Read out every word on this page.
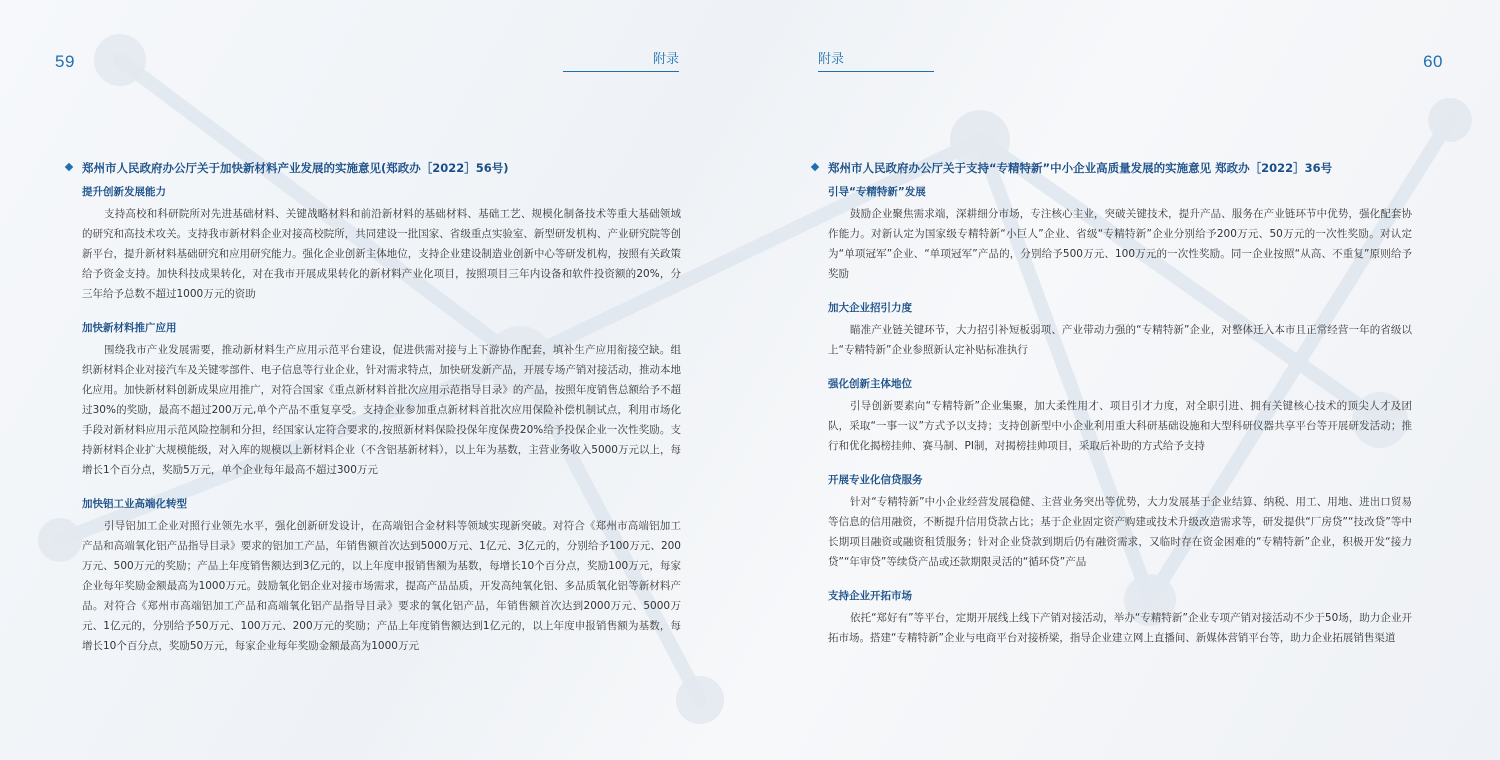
59	附录
郑州市人民政府办公厅关于加快新材料产业发展的实施意见(郑政办［2022］56号)

提升创新发展能力

支持高校和科研院所对先进基础材料、关键战略材料和前沿新材料的基础材料、基础工艺、规模化制备技术等重大基础领域的研究和高技术攻关。支持我市新材料企业对接高校院所，共同建设一批国家、省级重点实验室、新型研发机构、产业研究院等创新平台，提升新材料基础研究和应用研究能力。强化企业创新主体地位，支持企业建设制造业创新中心等研发机构，按照有关政策给予资金支持。加快科技成果转化，对在我市开展成果转化的新材料产业化项目，按照项目三年内设备和软件投资额的20%，分三年给予总数不超过1000万元的资助

加快新材料推广应用

围绕我市产业发展需要，推动新材料生产应用示范平台建设，促进供需对接与上下游协作配套，填补生产应用衔接空缺。组织新材料企业对接汽车及关键零部件、电子信息等行业企业，针对需求特点，加快研发新产品，开展专场产销对接活动，推动本地化应用。加快新材料创新成果应用推广，对符合国家《重点新材料首批次应用示范指导目录》的产品，按照年度销售总额给予不超过30%的奖励，最高不超过200万元,单个产品不重复享受。支持企业参加重点新材料首批次应用保险补偿机制试点，利用市场化手段对新材料应用示范风险控制和分担，经国家认定符合要求的,按照新材料保险投保年度保费20%给予投保企业一次性奖励。支持新材料企业扩大规模能级，对入库的规模以上新材料企业（不含铝基新材料），以上年为基数，主营业务收入5000万元以上，每增长1个百分点，奖励5万元，单个企业每年最高不超过300万元

加快铝工业高端化转型

引导铝加工企业对照行业领先水平，强化创新研发设计，在高端铝合金材料等领域实现新突破。对符合《郑州市高端铝加工产品和高端氧化铝产品指导目录》要求的铝加工产品，年销售额首次达到5000万元、1亿元、3亿元的，分别给予100万元、200万元、500万元的奖励；产品上年度销售额达到3亿元的，以上年度申报销售额为基数，每增长10个百分点，奖励100万元，每家企业每年奖励金额最高为1000万元。鼓励氧化铝企业对接市场需求，提高产品品质，开发高纯氧化铝、多品质氧化铝等新材料产品。对符合《郑州市高端铝加工产品和高端氧化铝产品指导目录》要求的氧化铝产品，年销售额首次达到2000万元、5000万元、1亿元的，分别给予50万元、100万元、200万元的奖励；产品上年度销售额达到1亿元的，以上年度申报销售额为基数，每增长10个百分点，奖励50万元，每家企业每年奖励金额最高为1000万元

60
附录
郑州市人民政府办公厅关于支持“专精特新”中小企业高质量发展的实施意见 郑政办［2022］36号

引导“专精特新”发展

鼓励企业聚焦需求端，深耕细分市场，专注核心主业，突破关键技术，提升产品、服务在产业链环节中优势，强化配套协作能力。对新认定为国家级专精特新“小巨人”企业、省级“专精特新”企业分别给予200万元、50万元的一次性奖励。对认定为“单项冠军”企业、“单项冠军”产品的，分别给予500万元、100万元的一次性奖励。同一企业按照“从高、不重复”原则给予奖励

加大企业招引力度

瞄准产业链关键环节，大力招引补短板弱项、产业带动力强的“专精特新”企业，对整体迁入本市且正常经营一年的省级以上“专精特新”企业参照新认定补贴标准执行

强化创新主体地位

引导创新要素向“专精特新”企业集聚，加大柔性用才、项目引才力度，对全职引进、拥有关键核心技术的顶尖人才及团队，采取“一事一议”方式予以支持；支持创新型中小企业利用重大科研基础设施和大型科研仪器共享平台等开展研发活动；推行和优化揭榜挂帅、赛马制、PI制，对揭榜挂帅项目，采取后补助的方式给予支持

开展专业化信贷服务

针对“专精特新”中小企业经营发展稳健、主营业务突出等优势，大力发展基于企业结算、纳税、用工、用地、进出口贸易等信息的信用融资，不断提升信用贷款占比；基于企业固定资产购建或技术升级改造需求等，研发提供“厂房贷”“技改贷”等中长期项目融资或融资租赁服务；针对企业贷款到期后仍有融资需求，又临时存在资金困难的“专精特新”企业，积极开发“接力贷”“年审贷”等续贷产品或还款期限灵活的“循环贷”产品

支持企业开拓市场

依托“郑好有”等平台，定期开展线上线下产销对接活动，举办“专精特新”企业专项产销对接活动不少于50场，助力企业开拓市场。搭建“专精特新”企业与电商平台对接桥梁，指导企业建立网上直播间、新媒体营销平台等，助力企业拓展销售渠道
